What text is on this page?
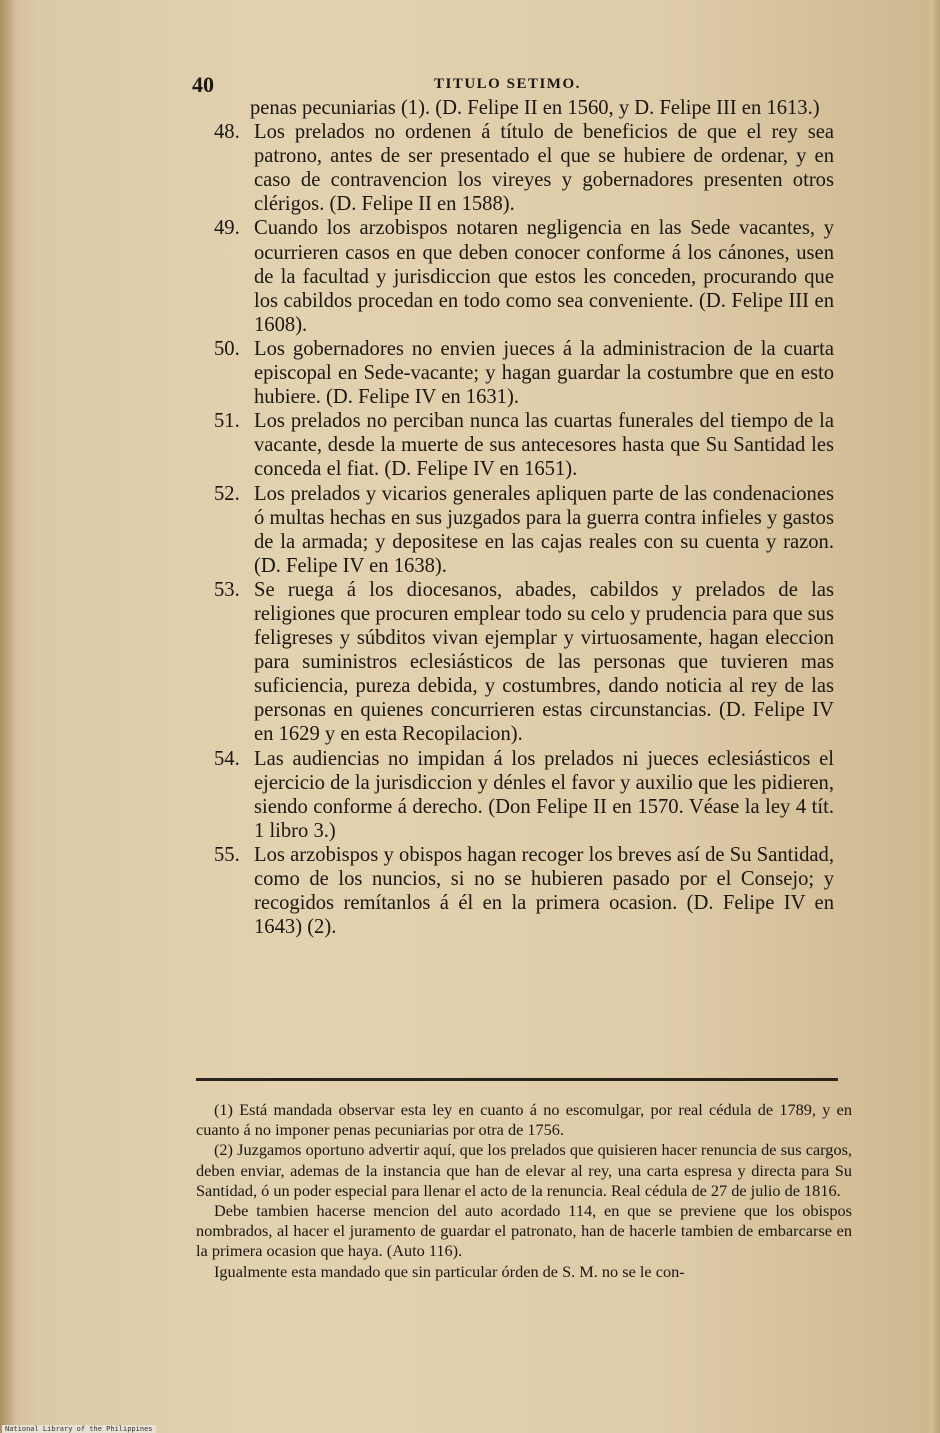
40	TITULO SETIMO.

penas pecuniarias (1). (D. Felipe II en 1560, y D. Felipe III en 1613.)

48. Los prelados no ordenen á título de beneficios de que el rey sea patrono, antes de ser presentado el que se hubiere de ordenar, y en caso de contravencion los vireyes y gobernadores presenten otros clérigos. (D. Felipe II en 1588).

49. Cuando los arzobispos notaren negligencia en las Sede vacantes, y ocurrieren casos en que deben conocer conforme á los cánones, usen de la facultad y jurisdiccion que estos les conceden, procurando que los cabildos procedan en todo como sea conveniente. (D. Felipe III en 1608).

50. Los gobernadores no envien jueces á la administracion de la cuarta episcopal en Sede-vacante; y hagan guardar la costumbre que en esto hubiere. (D. Felipe IV en 1631).

51. Los prelados no perciban nunca las cuartas funerales del tiempo de la vacante, desde la muerte de sus antecesores hasta que Su Santidad les conceda el fiat. (D. Felipe IV en 1651).

52. Los prelados y vicarios generales apliquen parte de las condenaciones ó multas hechas en sus juzgados para la guerra contra infieles y gastos de la armada; y depositese en las cajas reales con su cuenta y razon. (D. Felipe IV en 1638).

53. Se ruega á los diocesanos, abades, cabildos y prelados de las religiones que procuren emplear todo su celo y prudencia para que sus feligreses y súbditos vivan ejemplar y virtuosamente, hagan eleccion para suministros eclesiásticos de las personas que tuvieren mas suficiencia, pureza debida, y costumbres, dando noticia al rey de las personas en quienes concurrieren estas circunstancias. (D. Felipe IV en 1629 y en esta Recopilacion).

54. Las audiencias no impidan á los prelados ni jueces eclesiásticos el ejercicio de la jurisdiccion y dénles el favor y auxilio que les pidieren, siendo conforme á derecho. (Don Felipe II en 1570. Véase la ley 4 tít. 1 libro 3.)

55. Los arzobispos y obispos hagan recoger los breves así de Su Santidad, como de los nuncios, si no se hubieren pasado por el Consejo; y recogidos remítanlos á él en la primera ocasion. (D. Felipe IV en 1643) (2).

(1) Está mandada observar esta ley en cuanto á no escomulgar, por real cédula de 1789, y en cuanto á no imponer penas pecuniarias por otra de 1756.

(2) Juzgamos oportuno advertir aquí, que los prelados que quisieren hacer renuncia de sus cargos, deben enviar, ademas de la instancia que han de elevar al rey, una carta espresa y directa para Su Santidad, ó un poder especial para llenar el acto de la renuncia. Real cédula de 27 de julio de 1816.

Debe tambien hacerse mencion del auto acordado 114, en que se previene que los obispos nombrados, al hacer el juramento de guardar el patronato, han de hacerle tambien de embarcarse en la primera ocasion que haya. (Auto 116).

Igualmente esta mandado que sin particular órden de S. M. no se le con-

National Library of the Philippines
